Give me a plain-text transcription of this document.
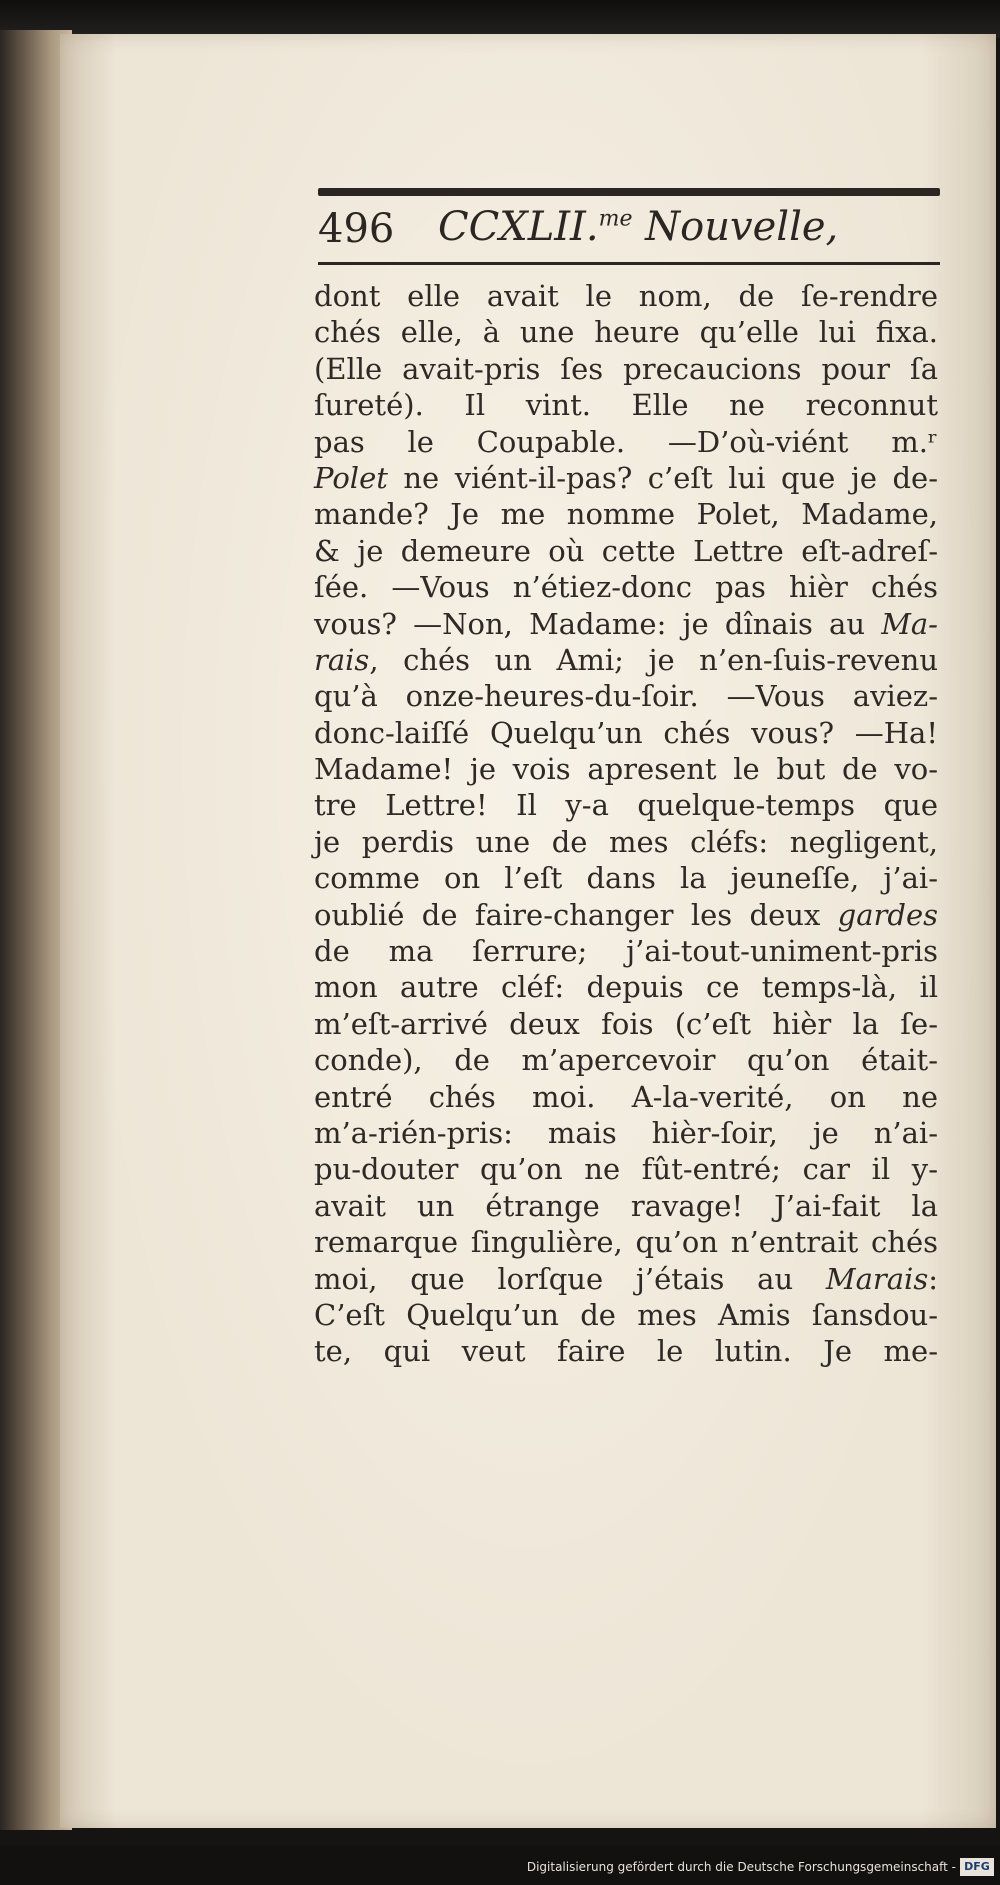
496 CCXLII.$^{me}$ Nouvelle,
dont elle avait le nom, de ſe-rendre
chés elle, à une heure qu’elle lui fixa.
(Elle avait-pris ſes precaucions pour ſa
ſureté). Il vint. Elle ne reconnut
pas le Coupable. —D’où-viént m.ʳ
Polet ne viént-il-pas? c’eſt lui que je de-
mande? Je me nomme Polet, Madame,
& je demeure où cette Lettre eſt-adreſ-
ſée. —Vous n’étiez-donc pas hièr chés
vous? —Non, Madame: je dînais au Ma-
rais, chés un Ami; je n’en-ſuis-revenu
qu’à onze-heures-du-ſoir. —Vous aviez-
donc-laiſſé Quelqu’un chés vous? —Ha!
Madame! je vois apresent le but de vo-
tre Lettre! Il y-a quelque-temps que
je perdis une de mes cléfs: negligent,
comme on l’eſt dans la jeuneſſe, j’ai-
oublié de faire-changer les deux gardes
de ma ſerrure; j’ai-tout-uniment-pris
mon autre cléf: depuis ce temps-là, il
m’eſt-arrivé deux fois (c’eſt hièr la ſe-
conde), de m’apercevoir qu’on était-
entré chés moi. A-la-verité, on ne
m’a-rién-pris: mais hièr-ſoir, je n’ai-
pu-douter qu’on ne fût-entré; car il y-
avait un étrange ravage! J’ai-fait la
remarque ſingulière, qu’on n’entrait chés
moi, que lorſque j’étais au Marais:
C’eſt Quelqu’un de mes Amis ſansdou-
te, qui veut faire le lutin. Je me-
Digitalisierung gefördert durch die Deutsche Forschungsgemeinschaft - DFG
